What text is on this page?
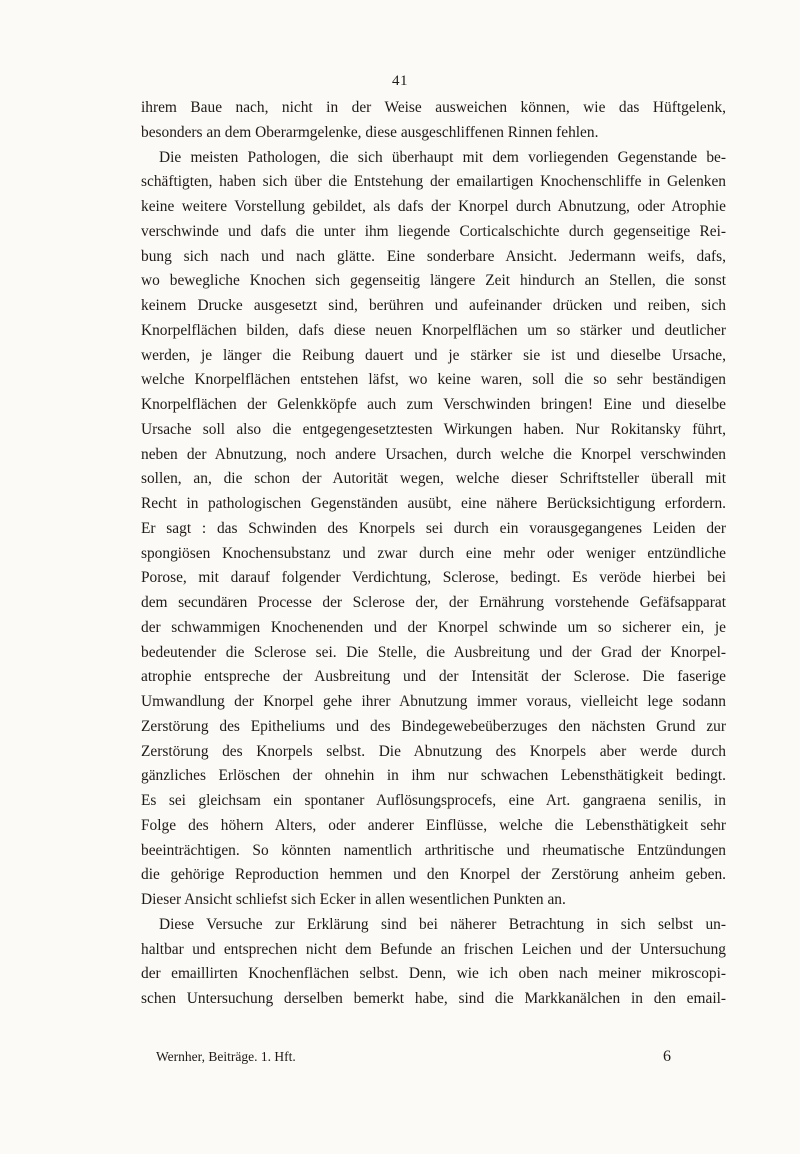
41
ihrem Baue nach, nicht in der Weise ausweichen können, wie das Hüftgelenk,
besonders an dem Oberarmgelenke, diese ausgeschliffenen Rinnen fehlen.
Die meisten Pathologen, die sich überhaupt mit dem vorliegenden Gegenstande be-
schäftigten, haben sich über die Entstehung der emailartigen Knochenschliffe in Gelenken
keine weitere Vorstellung gebildet, als dafs der Knorpel durch Abnutzung, oder Atrophie
verschwinde und dafs die unter ihm liegende Corticalschichte durch gegenseitige Rei-
bung sich nach und nach glätte. Eine sonderbare Ansicht. Jedermann weifs, dafs,
wo bewegliche Knochen sich gegenseitig längere Zeit hindurch an Stellen, die sonst
keinem Drucke ausgesetzt sind, berühren und aufeinander drücken und reiben, sich
Knorpelflächen bilden, dafs diese neuen Knorpelflächen um so stärker und deutlicher
werden, je länger die Reibung dauert und je stärker sie ist und dieselbe Ursache,
welche Knorpelflächen entstehen läfst, wo keine waren, soll die so sehr beständigen
Knorpelflächen der Gelenkköpfe auch zum Verschwinden bringen! Eine und dieselbe
Ursache soll also die entgegengesetztesten Wirkungen haben. Nur Rokitansky führt,
neben der Abnutzung, noch andere Ursachen, durch welche die Knorpel verschwinden
sollen, an, die schon der Autorität wegen, welche dieser Schriftsteller überall mit
Recht in pathologischen Gegenständen ausübt, eine nähere Berücksichtigung erfordern.
Er sagt : das Schwinden des Knorpels sei durch ein vorausgegangenes Leiden der
spongiösen Knochensubstanz und zwar durch eine mehr oder weniger entzündliche
Porose, mit darauf folgender Verdichtung, Sclerose, bedingt. Es veröde hierbei bei
dem secundären Processe der Sclerose der, der Ernährung vorstehende Gefäfsapparat
der schwammigen Knochenenden und der Knorpel schwinde um so sicherer ein, je
bedeutender die Sclerose sei. Die Stelle, die Ausbreitung und der Grad der Knorpel-
atrophie entspreche der Ausbreitung und der Intensität der Sclerose. Die faserige
Umwandlung der Knorpel gehe ihrer Abnutzung immer voraus, vielleicht lege sodann
Zerstörung des Epitheliums und des Bindegewebeüberzuges den nächsten Grund zur
Zerstörung des Knorpels selbst. Die Abnutzung des Knorpels aber werde durch
gänzliches Erlöschen der ohnehin in ihm nur schwachen Lebensthätigkeit bedingt.
Es sei gleichsam ein spontaner Auflösungsprocefs, eine Art. gangraena senilis, in
Folge des höhern Alters, oder anderer Einflüsse, welche die Lebensthätigkeit sehr
beeinträchtigen. So könnten namentlich arthritische und rheumatische Entzündungen
die gehörige Reproduction hemmen und den Knorpel der Zerstörung anheim geben.
Dieser Ansicht schliefst sich Ecker in allen wesentlichen Punkten an.
Diese Versuche zur Erklärung sind bei näherer Betrachtung in sich selbst un-
haltbar und entsprechen nicht dem Befunde an frischen Leichen und der Untersuchung
der emaillirten Knochenflächen selbst. Denn, wie ich oben nach meiner mikroscopi-
schen Untersuchung derselben bemerkt habe, sind die Markkanälchen in den email-
Wernher, Beiträge. 1. Hft.	6
